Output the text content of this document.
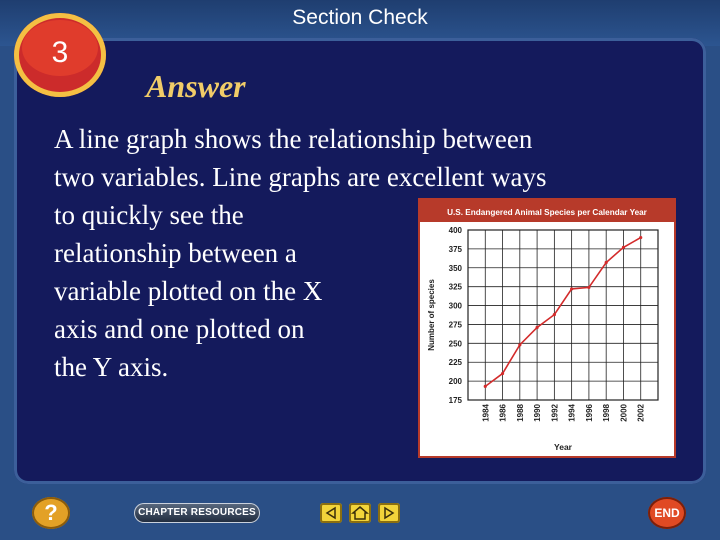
Section Check
3
Answer
A line graph shows the relationship between
two variables. Line graphs are excellent ways
to quickly see the
relationship between a
variable plotted on the X
axis and one plotted on
the Y axis.
U.S. Endangered Animal Species per Calendar Year
175
200
225
250
275
300
325
350
375
400
1984 1986 1988 1990 1992 1994 1996 1998 2000 2002
Number of species
Year
?	CHAPTER RESOURCES	END
